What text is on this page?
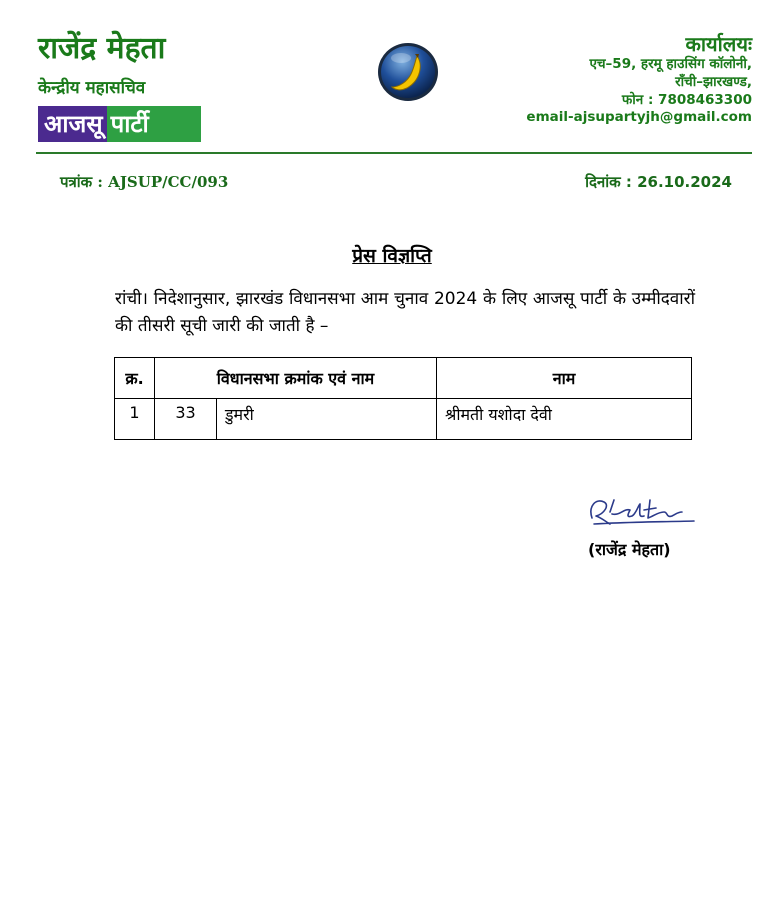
राजेंद्र मेहता
केन्द्रीय महासचिव
आजसू पार्टी
कार्यालयः
एच–59, हरमू हाउसिंग कॉलोनी,
राँची–झारखण्ड,
फोन : 7808463300
email-ajsupartyjh@gmail.com
पत्रांक : AJSUP/CC/093	दिनांक : 26.10.2024
प्रेस विज्ञप्ति
रांची। निदेशानुसार, झारखंड विधानसभा आम चुनाव 2024 के लिए आजसू पार्टी के उम्मीदवारों की तीसरी सूची जारी की जाती है –
क्र.	विधानसभा क्रमांक एवं नाम		नाम
1	33	डुमरी	श्रीमती यशोदा देवी
(राजेंद्र मेहता)
